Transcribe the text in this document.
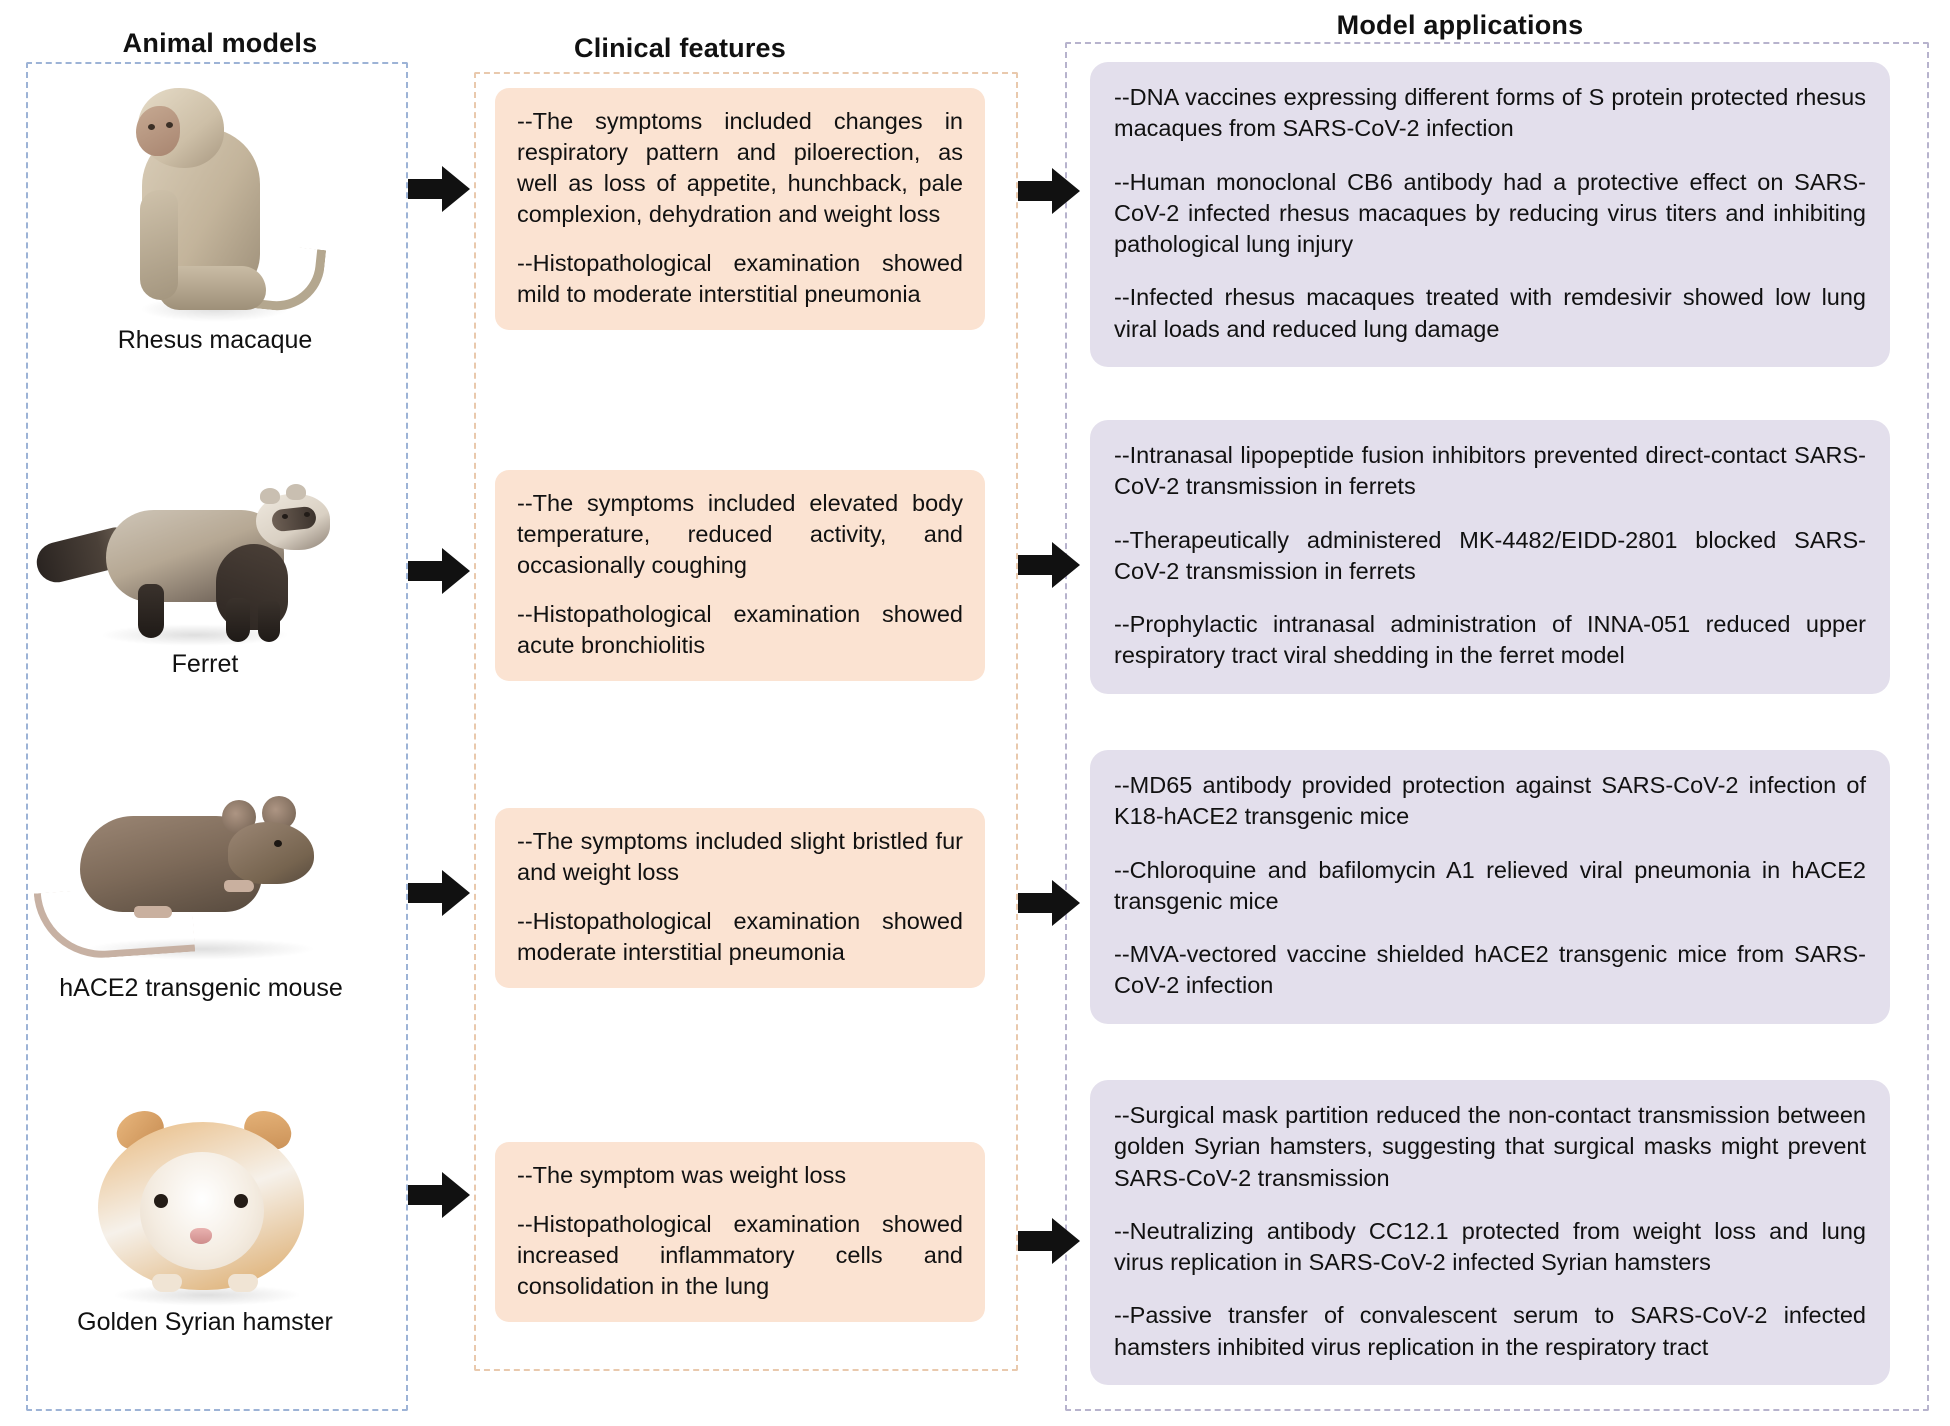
Animal models	Clinical features
Model applications
Rhesus macaque

--The symptoms included changes in respiratory pattern and piloerection, as well as loss of appetite, hunchback, pale complexion, dehydration and weight loss

--Histopathological examination showed mild to moderate interstitial pneumonia

--DNA vaccines expressing different forms of S protein protected rhesus macaques from SARS-CoV-2 infection

--Human monoclonal CB6 antibody had a protective effect on SARS-CoV-2 infected rhesus macaques by reducing virus titers and inhibiting pathological lung injury

--Infected rhesus macaques treated with remdesivir showed low lung viral loads and reduced lung damage

Ferret

--The symptoms included elevated body temperature, reduced activity, and occasionally coughing

--Histopathological examination showed acute bronchiolitis

--Intranasal lipopeptide fusion inhibitors prevented direct-contact SARS-CoV-2 transmission in ferrets

--Therapeutically administered MK-4482/EIDD-2801 blocked SARS-CoV-2 transmission in ferrets

--Prophylactic intranasal administration of INNA-051 reduced upper respiratory tract viral shedding in the ferret model

hACE2 transgenic mouse

--The symptoms included slight bristled fur and weight loss

--Histopathological examination showed moderate interstitial pneumonia

--MD65 antibody provided protection against SARS-CoV-2 infection of K18-hACE2 transgenic mice

--Chloroquine and bafilomycin A1 relieved viral pneumonia in hACE2 transgenic mice

--MVA-vectored vaccine shielded hACE2 transgenic mice from SARS-CoV-2 infection

Golden Syrian hamster

--The symptom was weight loss

--Histopathological examination showed increased inflammatory cells and consolidation in the lung

--Surgical mask partition reduced the non-contact transmission between golden Syrian hamsters, suggesting that surgical masks might prevent SARS-CoV-2 transmission

--Neutralizing antibody CC12.1 protected from weight loss and lung virus replication in SARS-CoV-2 infected Syrian hamsters

--Passive transfer of convalescent serum to SARS-CoV-2 infected hamsters inhibited virus replication in the respiratory tract
